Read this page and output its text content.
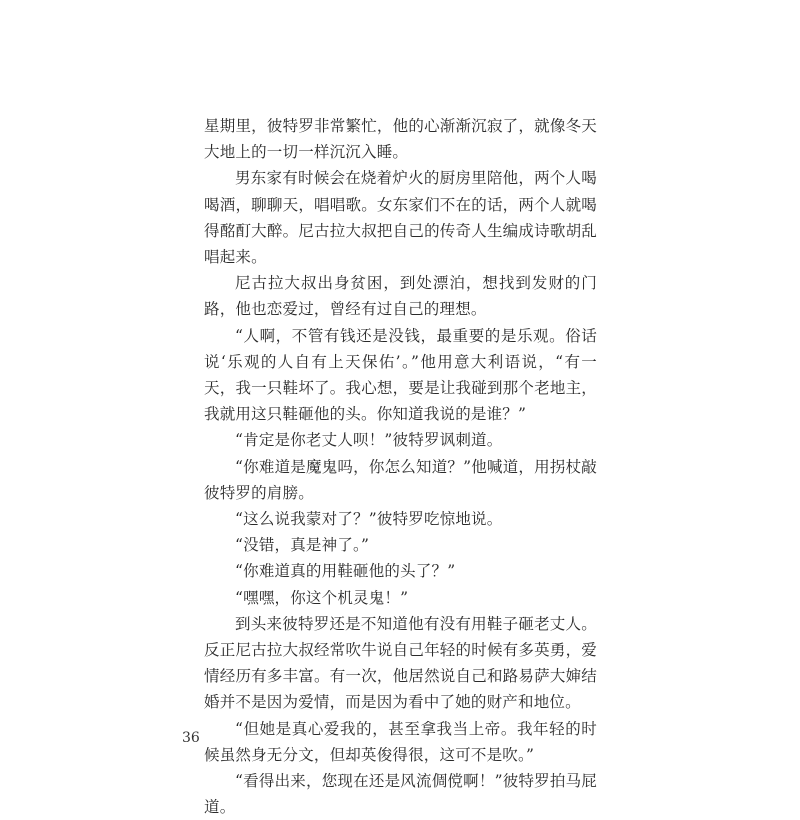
星期里，彼特罗非常繁忙，他的心渐渐沉寂了，就像冬天大地上的一切一样沉沉入睡。

男东家有时候会在烧着炉火的厨房里陪他，两个人喝喝酒，聊聊天，唱唱歌。女东家们不在的话，两个人就喝得酩酊大醉。尼古拉大叔把自己的传奇人生编成诗歌胡乱唱起来。

尼古拉大叔出身贫困，到处漂泊，想找到发财的门路，他也恋爱过，曾经有过自己的理想。

“人啊，不管有钱还是没钱，最重要的是乐观。俗话说‘乐观的人自有上天保佑’。”他用意大利语说，“有一天，我一只鞋坏了。我心想，要是让我碰到那个老地主，我就用这只鞋砸他的头。你知道我说的是谁？”

“肯定是你老丈人呗！”彼特罗讽刺道。

“你难道是魔鬼吗，你怎么知道？”他喊道，用拐杖敲彼特罗的肩膀。

“这么说我蒙对了？”彼特罗吃惊地说。

“没错，真是神了。”

“你难道真的用鞋砸他的头了？”

“嘿嘿，你这个机灵鬼！”

到头来彼特罗还是不知道他有没有用鞋子砸老丈人。反正尼古拉大叔经常吹牛说自己年轻的时候有多英勇，爱情经历有多丰富。有一次，他居然说自己和路易萨大婶结婚并不是因为爱情，而是因为看中了她的财产和地位。

“但她是真心爱我的，甚至拿我当上帝。我年轻的时候虽然身无分文，但却英俊得很，这可不是吹。”

“看得出来，您现在还是风流倜傥啊！”彼特罗拍马屁道。

36
